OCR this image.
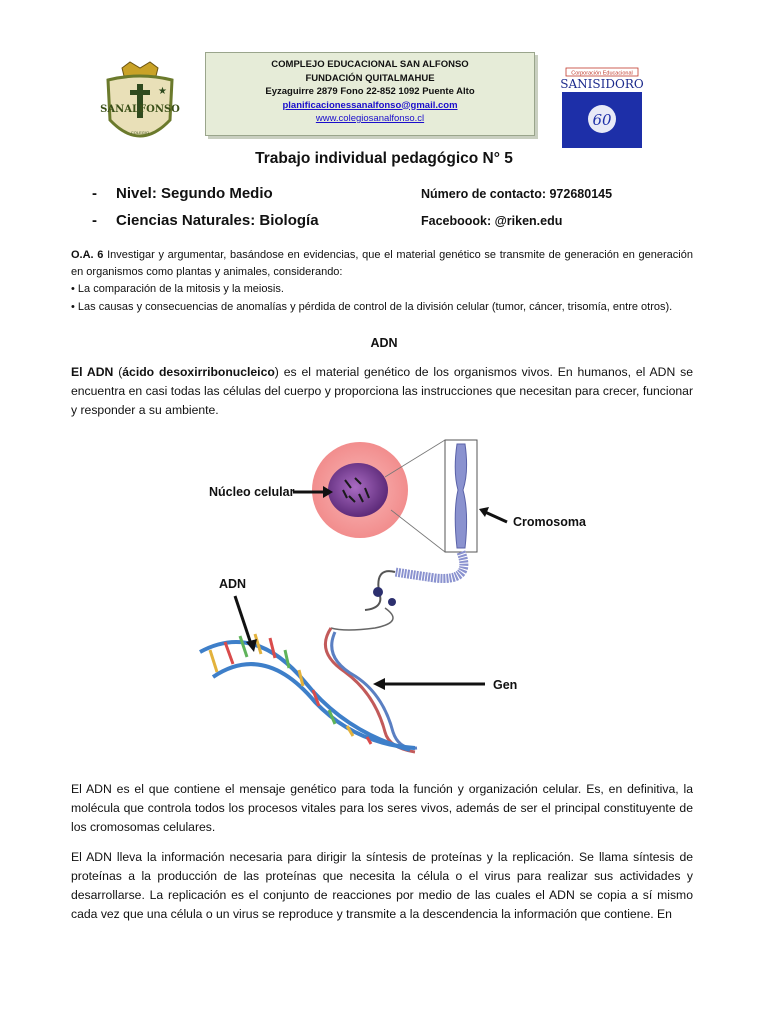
★
SANALFONSO
COLEGIO
COMPLEJO EDUCACIONAL SAN ALFONSO
FUNDACIÓN QUITALMAHUE
Eyzaguirre 2879 Fono 22-852 1092 Puente Alto
planificacionessanalfonso@gmail.com
www.colegiosanalfonso.cl
Corporación Educacional
SANISIDORO
60
Trabajo individual pedagógico N° 5
- Nivel: Segundo Medio	Número de contacto: 972680145
- Ciencias Naturales: Biología	Faceboook: @riken.edu
O.A. 6 Investigar y argumentar, basándose en evidencias, que el material genético se transmite de generación en generación en organismos como plantas y animales, considerando:
• La comparación de la mitosis y la meiosis.
• Las causas y consecuencias de anomalías y pérdida de control de la división celular (tumor, cáncer, trisomía, entre otros).
ADN
El ADN (ácido desoxirribonucleico) es el material genético de los organismos vivos. En humanos, el ADN se encuentra en casi todas las células del cuerpo y proporciona las instrucciones que necesitan para crecer, funcionar y responder a su ambiente.
Núcleo celular
Cromosoma
Gen
ADN
El ADN es el que contiene el mensaje genético para toda la función y organización celular. Es, en definitiva, la molécula que controla todos los procesos vitales para los seres vivos, además de ser el principal constituyente de los cromosomas celulares.
El ADN lleva la información necesaria para dirigir la síntesis de proteínas y la replicación. Se llama síntesis de proteínas a la producción de las proteínas que necesita la célula o el virus para realizar sus actividades y desarrollarse. La replicación es el conjunto de reacciones por medio de las cuales el ADN se copia a sí mismo cada vez que una célula o un virus se reproduce y transmite a la descendencia la información que contiene. En
